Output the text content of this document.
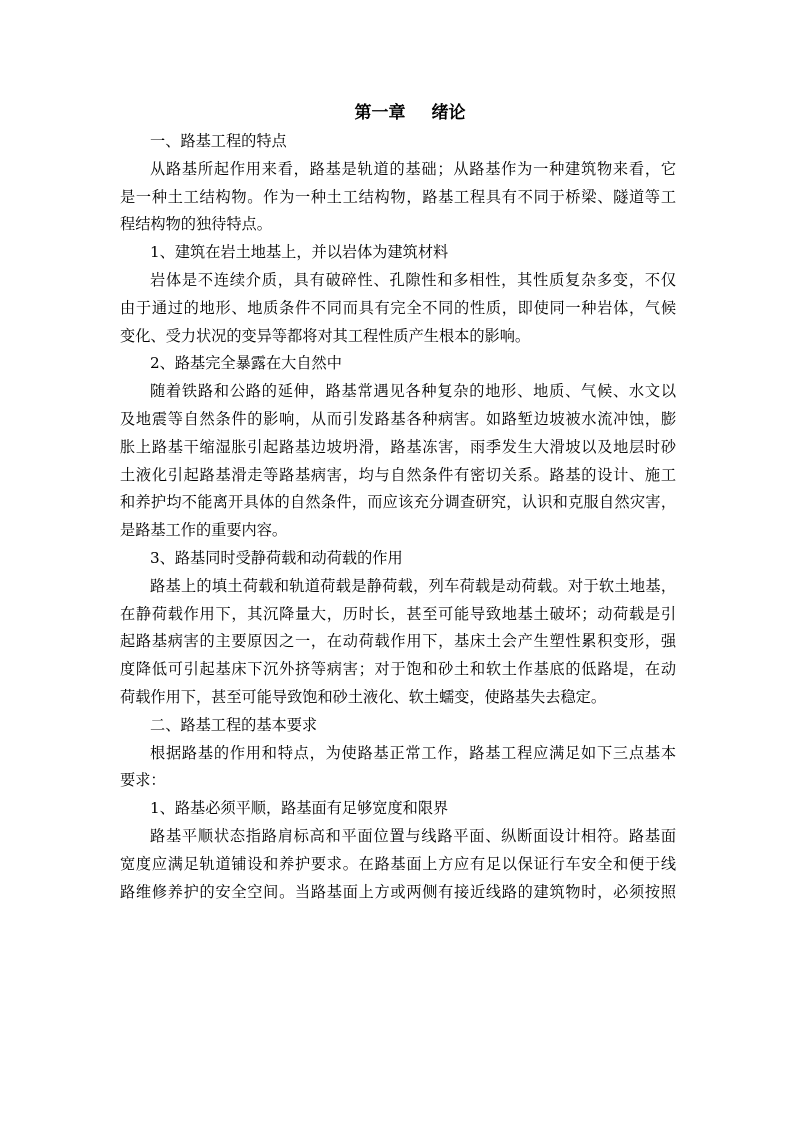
第一章 绪论
一、路基工程的特点
从路基所起作用来看，路基是轨道的基础；从路基作为一种建筑物来看，它
是一种土工结构物。作为一种土工结构物，路基工程具有不同于桥梁、隧道等工
程结构物的独待特点。
1、建筑在岩土地基上，并以岩体为建筑材料
岩体是不连续介质，具有破碎性、孔隙性和多相性，其性质复杂多变，不仅
由于通过的地形、地质条件不同而具有完全不同的性质，即使同一种岩体，气候
变化、受力状况的变异等都将对其工程性质产生根本的影响。
2、路基完全暴露在大自然中
随着铁路和公路的延伸，路基常遇见各种复杂的地形、地质、气候、水文以
及地震等自然条件的影响，从而引发路基各种病害。如路堑边坡被水流冲蚀，膨
胀上路基干缩湿胀引起路基边坡坍滑，路基冻害，雨季发生大滑坡以及地层时砂
土液化引起路基滑走等路基病害，均与自然条件有密切关系。路基的设计、施工
和养护均不能离开具体的自然条件，而应该充分调查研究，认识和克服自然灾害，
是路基工作的重要内容。
3、路基同时受静荷载和动荷载的作用
路基上的填土荷载和轨道荷载是静荷载，列车荷载是动荷载。对于软土地基，
在静荷载作用下，其沉降量大，历时长，甚至可能导致地基土破坏；动荷载是引
起路基病害的主要原因之一，在动荷载作用下，基床土会产生塑性累积变形，强
度降低可引起基床下沉外挤等病害；对于饱和砂土和软土作基底的低路堤，在动
荷载作用下，甚至可能导致饱和砂土液化、软土蠕变，使路基失去稳定。
二、路基工程的基本要求
根据路基的作用和特点，为使路基正常工作，路基工程应满足如下三点基本
要求：
1、路基必须平顺，路基面有足够宽度和限界
路基平顺状态指路肩标高和平面位置与线路平面、纵断面设计相符。路基面
宽度应满足轨道铺设和养护要求。在路基面上方应有足以保证行车安全和便于线
路维修养护的安全空间。当路基面上方或两侧有接近线路的建筑物时，必须按照
